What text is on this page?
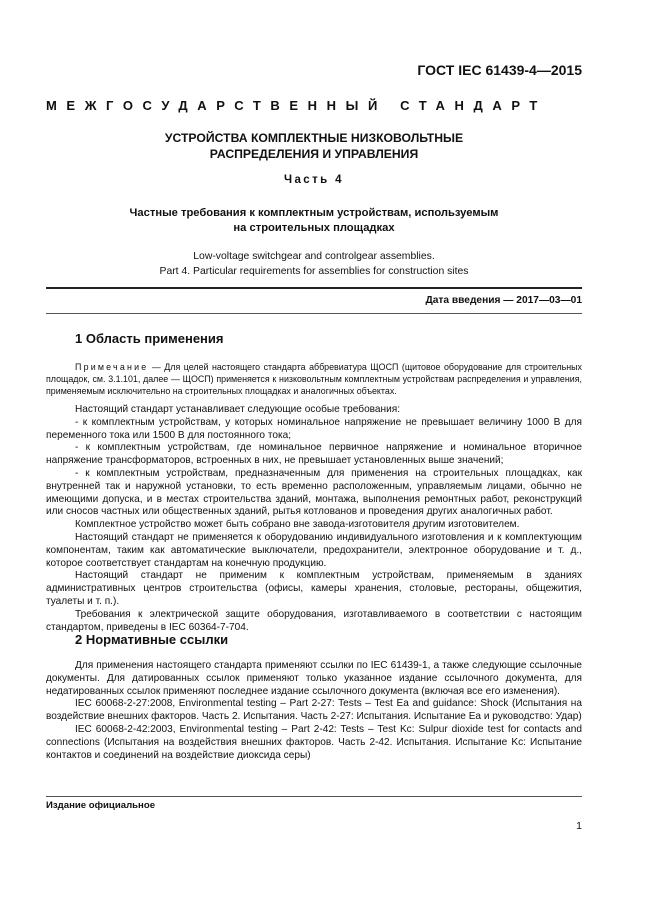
ГОСТ IEC 61439-4—2015
МЕЖГОСУДАРСТВЕННЫЙ СТАНДАРТ
УСТРОЙСТВА КОМПЛЕКТНЫЕ НИЗКОВОЛЬТНЫЕ
РАСПРЕДЕЛЕНИЯ И УПРАВЛЕНИЯ
Часть 4
Частные требования к комплектным устройствам, используемым
на строительных площадках
Low-voltage switchgear and controlgear assemblies.
Part 4. Particular requirements for assemblies for construction sites
Дата введения — 2017—03—01
1 Область применения

Примечание — Для целей настоящего стандарта аббревиатура ЩОСП (щитовое оборудование для строительных площадок, см. 3.1.101, далее — ЩОСП) применяется к низковольтным комплектным устройствам распределения и управления, применяемым исключительно на строительных площадках и аналогичных объектах.

Настоящий стандарт устанавливает следующие особые требования:

- к комплектным устройствам, у которых номинальное напряжение не превышает величину 1000 В для переменного тока или 1500 В для постоянного тока;

- к комплектным устройствам, где номинальное первичное напряжение и номинальное вторичное напряжение трансформаторов, встроенных в них, не превышает установленных выше значений;

- к комплектным устройствам, предназначенным для применения на строительных площадках, как внутренней так и наружной установки, то есть временно расположенным, управляемым лицами, обычно не имеющими допуска, и в местах строительства зданий, монтажа, выполнения ремонтных работ, реконструкций или сносов частных или общественных зданий, рытья котлованов и проведения других аналогичных работ.

Комплектное устройство может быть собрано вне завода-изготовителя другим изготовителем.

Настоящий стандарт не применяется к оборудованию индивидуального изготовления и к комплектующим компонентам, таким как автоматические выключатели, предохранители, электронное оборудование и т. д., которое соответствует стандартам на конечную продукцию.

Настоящий стандарт не применим к комплектным устройствам, применяемым в зданиях административных центров строительства (офисы, камеры хранения, столовые, рестораны, общежития, туалеты и т. п.).

Требования к электрической защите оборудования, изготавливаемого в соответствии с настоящим стандартом, приведены в IEC 60364-7-704.

2 Нормативные ссылки

Для применения настоящего стандарта применяют ссылки по IEC 61439-1, а также следующие ссылочные документы. Для датированных ссылок применяют только указанное издание ссылочного документа, для недатированных ссылок применяют последнее издание ссылочного документа (включая все его изменения).

IEC 60068-2-27:2008, Environmental testing – Part 2-27: Tests – Test Ea and guidance: Shock (Испытания на воздействие внешних факторов. Часть 2. Испытания. Часть 2-27: Испытания. Испытание Ea и руководство: Удар)

IEC 60068-2-42:2003, Environmental testing – Part 2-42: Tests – Test Kc: Sulpur dioxide test for contacts and connections (Испытания на воздействия внешних факторов. Часть 2-42. Испытания. Испытание Kc: Испытание контактов и соединений на воздействие диоксида серы)

Издание официальное
1
